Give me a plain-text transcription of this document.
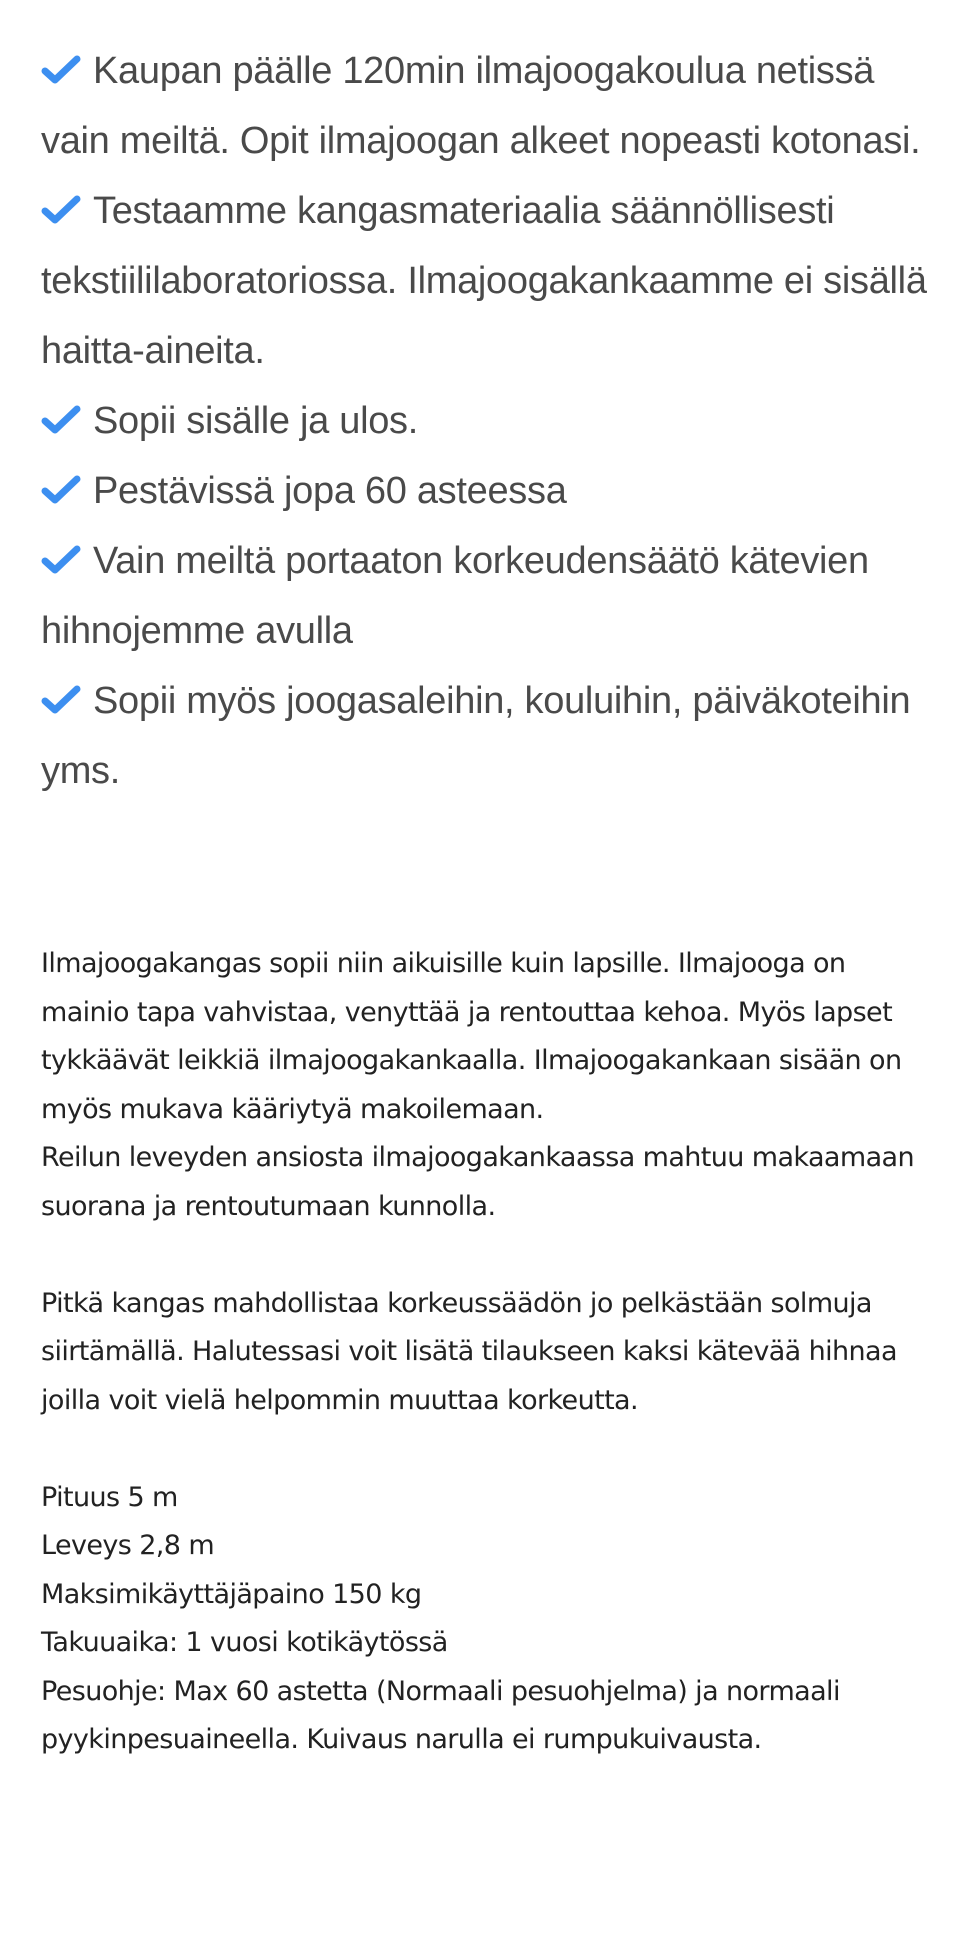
Kaupan päälle 120min ilmajoogakoulua netissä vain meiltä. Opit ilmajoogan alkeet nopeasti kotonasi.

Testaamme kangasmateriaalia säännöllisesti tekstiililaboratoriossa. Ilmajoogakankaamme ei sisällä haitta-aineita.

Sopii sisälle ja ulos.

Pestävissä jopa 60 asteessa

Vain meiltä portaaton korkeudensäätö kätevien hihnojemme avulla

Sopii myös joogasaleihin, kouluihin, päiväkoteihin yms.

Ilmajoogakangas sopii niin aikuisille kuin lapsille. Ilmajooga on mainio tapa vahvistaa, venyttää ja rentouttaa kehoa. Myös lapset tykkäävät leikkiä ilmajoogakankaalla. Ilmajoogakankaan sisään on myös mukava kääriytyä makoilemaan.

Reilun leveyden ansiosta ilmajoogakankaassa mahtuu makaamaan suorana ja rentoutumaan kunnolla.

Pitkä kangas mahdollistaa korkeussäädön jo pelkästään solmuja siirtämällä. Halutessasi voit lisätä tilaukseen kaksi kätevää hihnaa joilla voit vielä helpommin muuttaa korkeutta.

Pituus 5 m

Leveys 2,8 m

Maksimikäyttäjäpaino 150 kg

Takuuaika: 1 vuosi kotikäytössä

Pesuohje: Max 60 astetta (Normaali pesuohjelma) ja normaali pyykinpesuaineella. Kuivaus narulla ei rumpukuivausta.
